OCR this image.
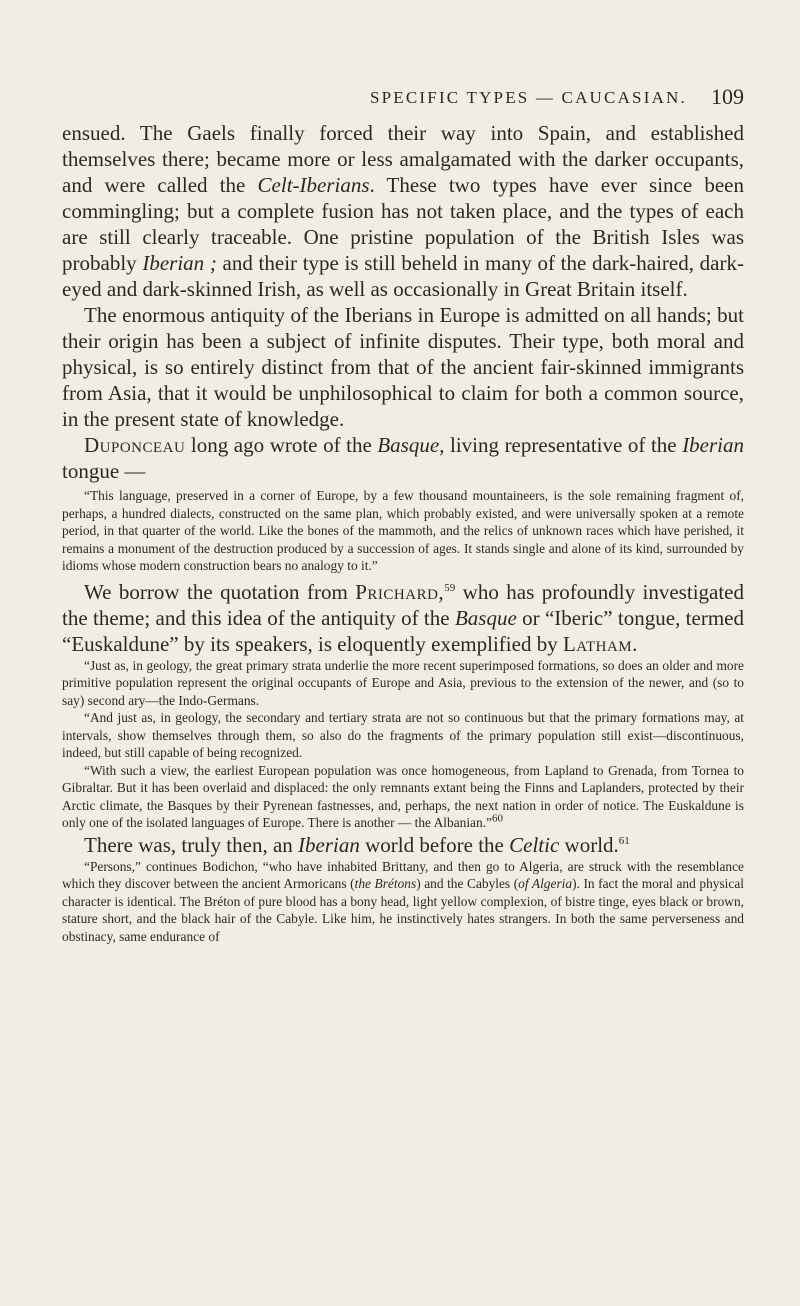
SPECIFIC TYPES — CAUCASIAN. 109

ensued. The Gaels finally forced their way into Spain, and established themselves there; became more or less amalgamated with the darker occupants, and were called the Celt-Iberians. These two types have ever since been commingling; but a complete fusion has not taken place, and the types of each are still clearly traceable. One pristine population of the British Isles was probably Iberian ; and their type is still beheld in many of the dark-haired, dark-eyed and dark-skinned Irish, as well as occasionally in Great Britain itself.

The enormous antiquity of the Iberians in Europe is admitted on all hands; but their origin has been a subject of infinite disputes. Their type, both moral and physical, is so entirely distinct from that of the ancient fair-skinned immigrants from Asia, that it would be unphilosophical to claim for both a common source, in the present state of knowledge.

Duponceau long ago wrote of the Basque, living representative of the Iberian tongue —

“This language, preserved in a corner of Europe, by a few thousand mountaineers, is the sole remaining fragment of, perhaps, a hundred dialects, constructed on the same plan, which probably existed, and were universally spoken at a remote period, in that quarter of the world. Like the bones of the mammoth, and the relics of unknown races which have perished, it remains a monument of the destruction produced by a succession of ages. It stands single and alone of its kind, surrounded by idioms whose modern construction bears no analogy to it.”

We borrow the quotation from Prichard,$^{59}$ who has profoundly investigated the theme; and this idea of the antiquity of the Basque or “Iberic” tongue, termed “Euskaldune” by its speakers, is eloquently exemplified by Latham.

“Just as, in geology, the great primary strata underlie the more recent superimposed formations, so does an older and more primitive population represent the original occupants of Europe and Asia, previous to the extension of the newer, and (so to say) second ary—the Indo-Germans.

“And just as, in geology, the secondary and tertiary strata are not so continuous but that the primary formations may, at intervals, show themselves through them, so also do the fragments of the primary population still exist—discontinuous, indeed, but still capable of being recognized.

“With such a view, the earliest European population was once homogeneous, from Lapland to Grenada, from Tornea to Gibraltar. But it has been overlaid and displaced: the only remnants extant being the Finns and Laplanders, protected by their Arctic climate, the Basques by their Pyrenean fastnesses, and, perhaps, the next nation in order of notice. The Euskaldune is only one of the isolated languages of Europe. There is another — the Albanian.”$^{60}$

There was, truly then, an Iberian world before the Celtic world.$^{61}$

“Persons,” continues Bodichon, “who have inhabited Brittany, and then go to Algeria, are struck with the resemblance which they discover between the ancient Armoricans (the Brétons) and the Cabyles (of Algeria). In fact the moral and physical character is identical. The Bréton of pure blood has a bony head, light yellow complexion, of bistre tinge, eyes black or brown, stature short, and the black hair of the Cabyle. Like him, he instinctively hates strangers. In both the same perverseness and obstinacy, same endurance of
